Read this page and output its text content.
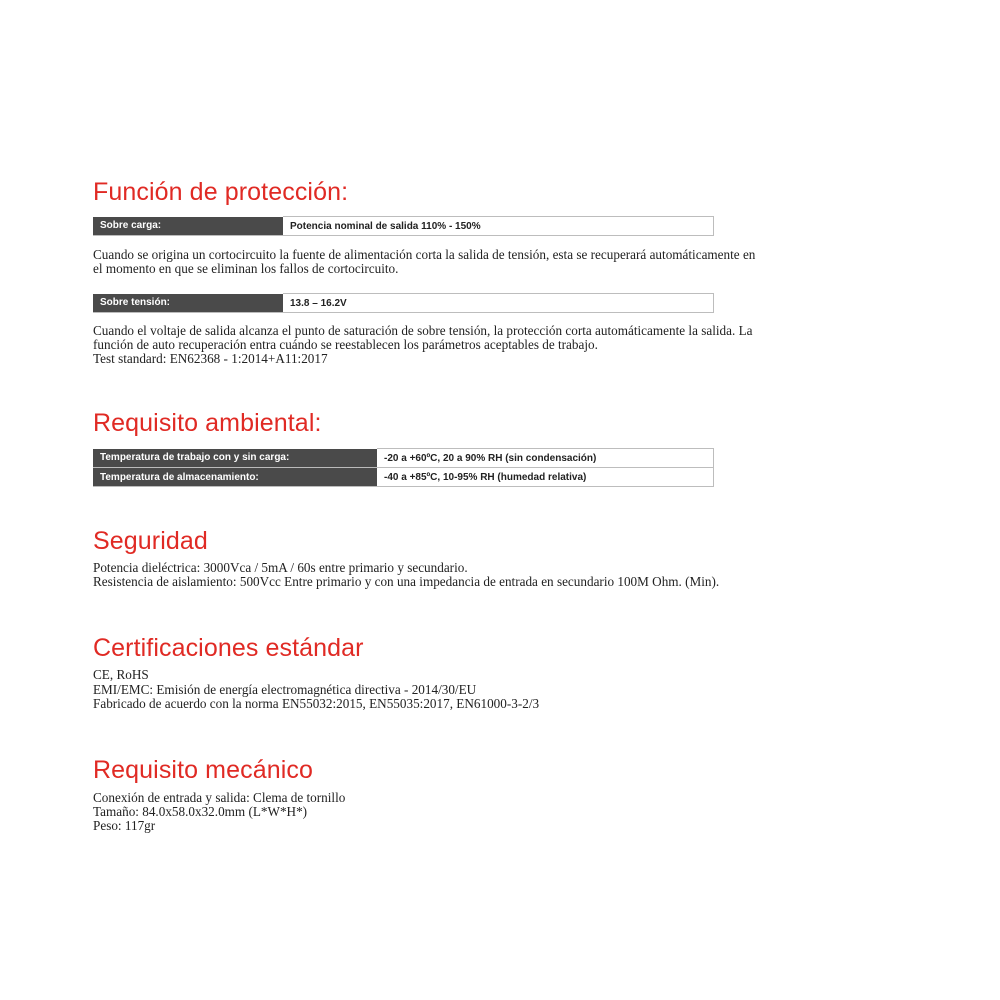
Función de protección:
Sobre carga:	Potencia nominal de salida 110% - 150%

Cuando se origina un cortocircuito la fuente de alimentación corta la salida de tensión, esta se recuperará automáticamente en

el momento en que se eliminan los fallos de cortocircuito.

Sobre tensión:	13.8 – 16.2V

Cuando el voltaje de salida alcanza el punto de saturación de sobre tensión, la protección corta automáticamente la salida. La

función de auto recuperación entra cuándo se reestablecen los parámetros aceptables de trabajo.

Test standard: EN62368 - 1:2014+A11:2017

Requisito ambiental:
Temperatura de trabajo con y sin carga:	-20 a +60ºC, 20 a 90% RH (sin condensación)
Temperatura de almacenamiento:	-40 a +85ºC, 10-95% RH (humedad relativa)
Seguridad

Potencia dieléctrica: 3000Vca / 5mA / 60s entre primario y secundario.

Resistencia de aislamiento: 500Vcc Entre primario y con una impedancia de entrada en secundario 100M Ohm. (Min).

Certificaciones estándar

CE, RoHS

EMI/EMC: Emisión de energía electromagnética directiva - 2014/30/EU

Fabricado de acuerdo con la norma EN55032:2015, EN55035:2017, EN61000-3-2/3

Requisito mecánico

Conexión de entrada y salida: Clema de tornillo

Tamaño: 84.0x58.0x32.0mm (L*W*H*)

Peso: 117gr
